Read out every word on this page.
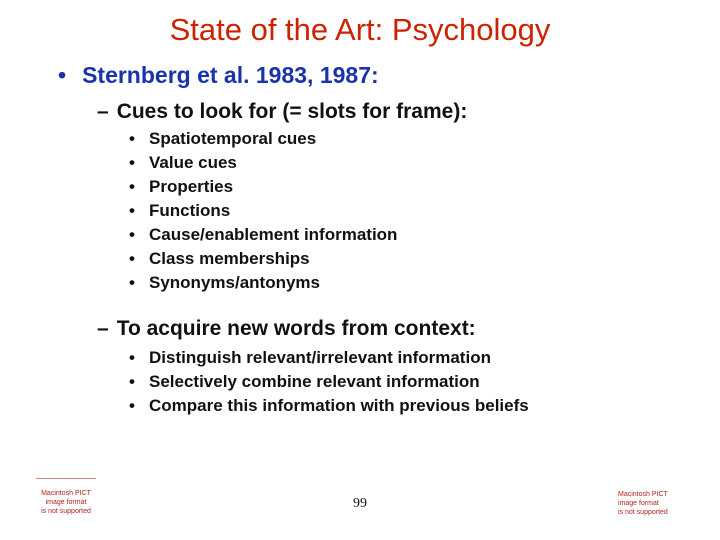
State of the Art: Psychology
• Sternberg et al. 1983, 1987:
– Cues to look for (= slots for frame):
• Spatiotemporal cues
• Value cues
• Properties
• Functions
• Cause/enablement information
• Class memberships
• Synonyms/antonyms
– To acquire new words from context:
• Distinguish relevant/irrelevant information
• Selectively combine relevant information
• Compare this information with previous beliefs
Macintosh PICT
image format
is not supported
99
Macintosh PICT
image format
is not supported
